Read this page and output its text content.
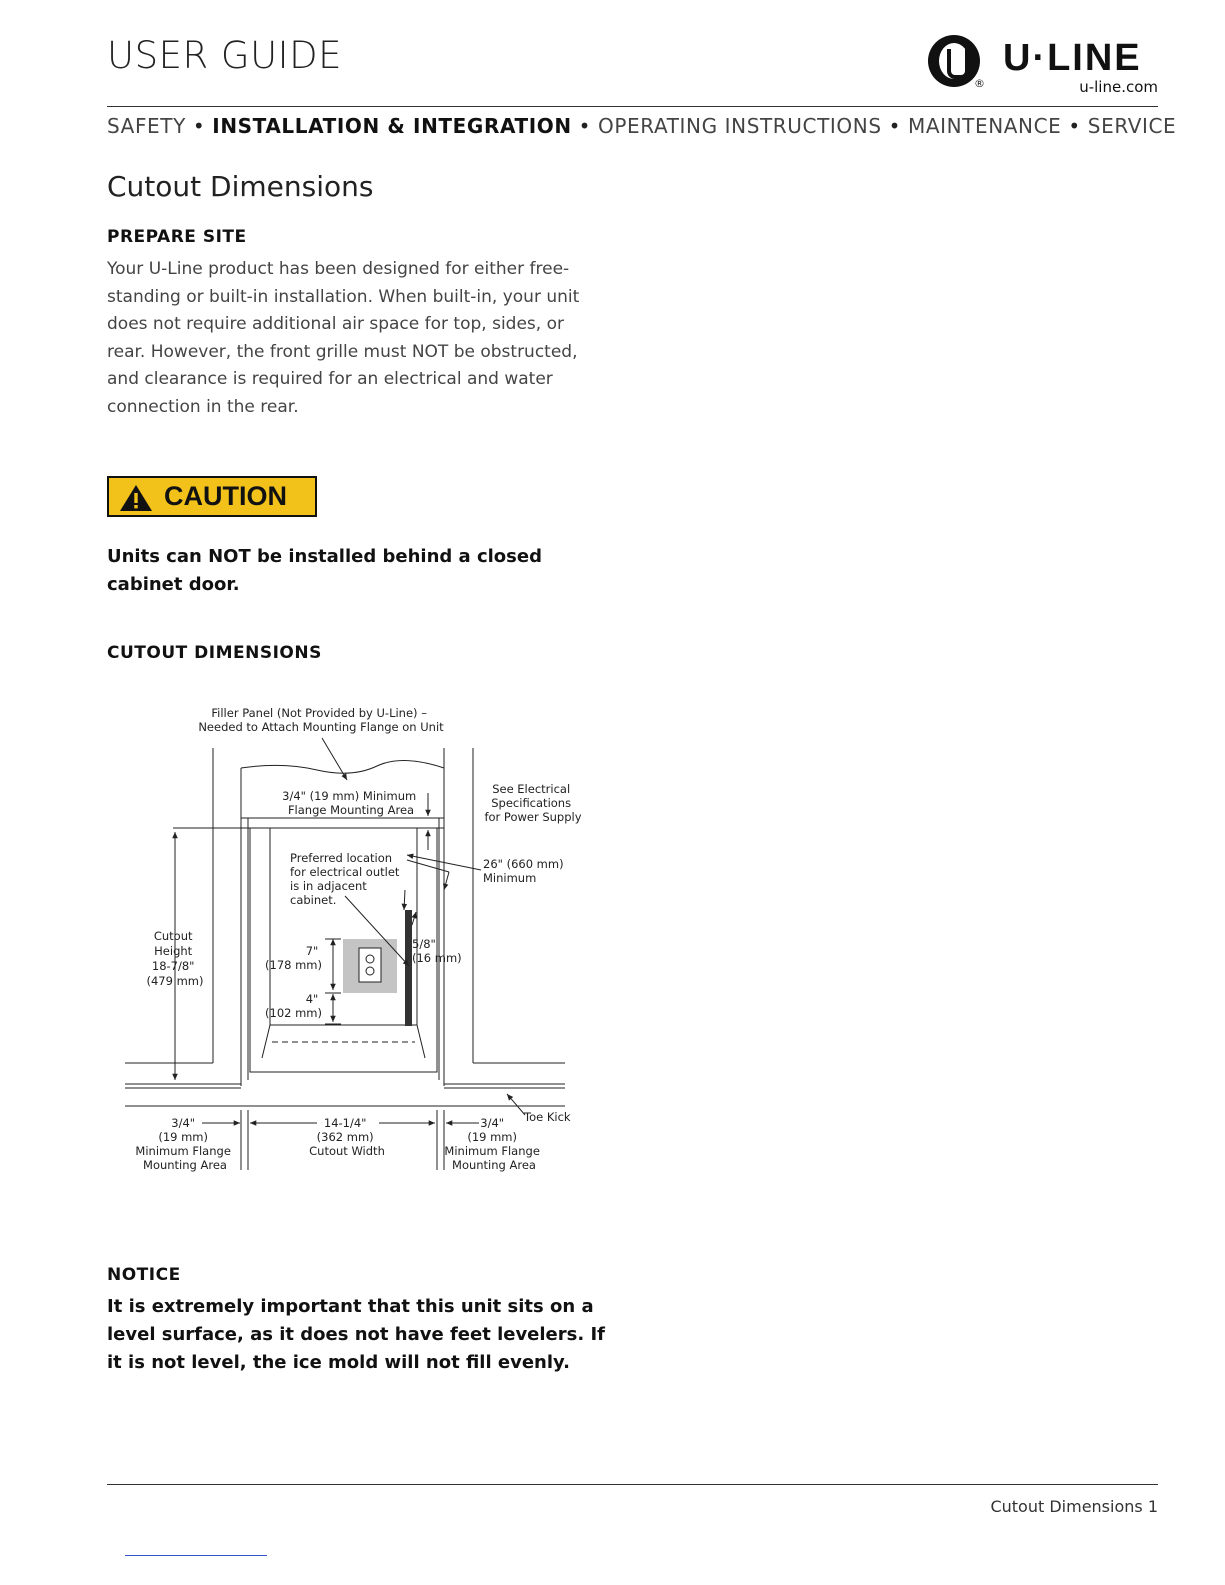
USER GUIDE
®
U·LINE
u-line.com
SAFETY • INSTALLATION & INTEGRATION • OPERATING INSTRUCTIONS • MAINTENANCE • SERVICE
Cutout Dimensions
PREPARE SITE
Your U-Line product has been designed for either free-
standing or built-in installation. When built-in, your unit
does not require additional air space for top, sides, or
rear. However, the front grille must NOT be obstructed,
and clearance is required for an electrical and water
connection in the rear.
CAUTION
Units can NOT be installed behind a closed
cabinet door.
CUTOUT DIMENSIONS
Filler Panel (Not Provided by U-Line) – Needed to Attach Mounting Flange on Unit
3/4" (19 mm) Minimum Flange Mounting Area
See Electrical Specifications for Power Supply
Preferred location for electrical outlet is in adjacent cabinet.
26" (660 mm) Minimum
Cutout Height 18-7/8" (479 mm)
7" (178 mm)
4" (102 mm)
5/8" (16 mm)
Toe Kick
3/4" (19 mm) Minimum Flange Mounting Area
14-1/4" (362 mm) Cutout Width
3/4" (19 mm) Minimum Flange Mounting Area
NOTICE
It is extremely important that this unit sits on a
level surface, as it does not have feet levelers. If
it is not level, the ice mold will not fill evenly.
Cutout Dimensions 1
